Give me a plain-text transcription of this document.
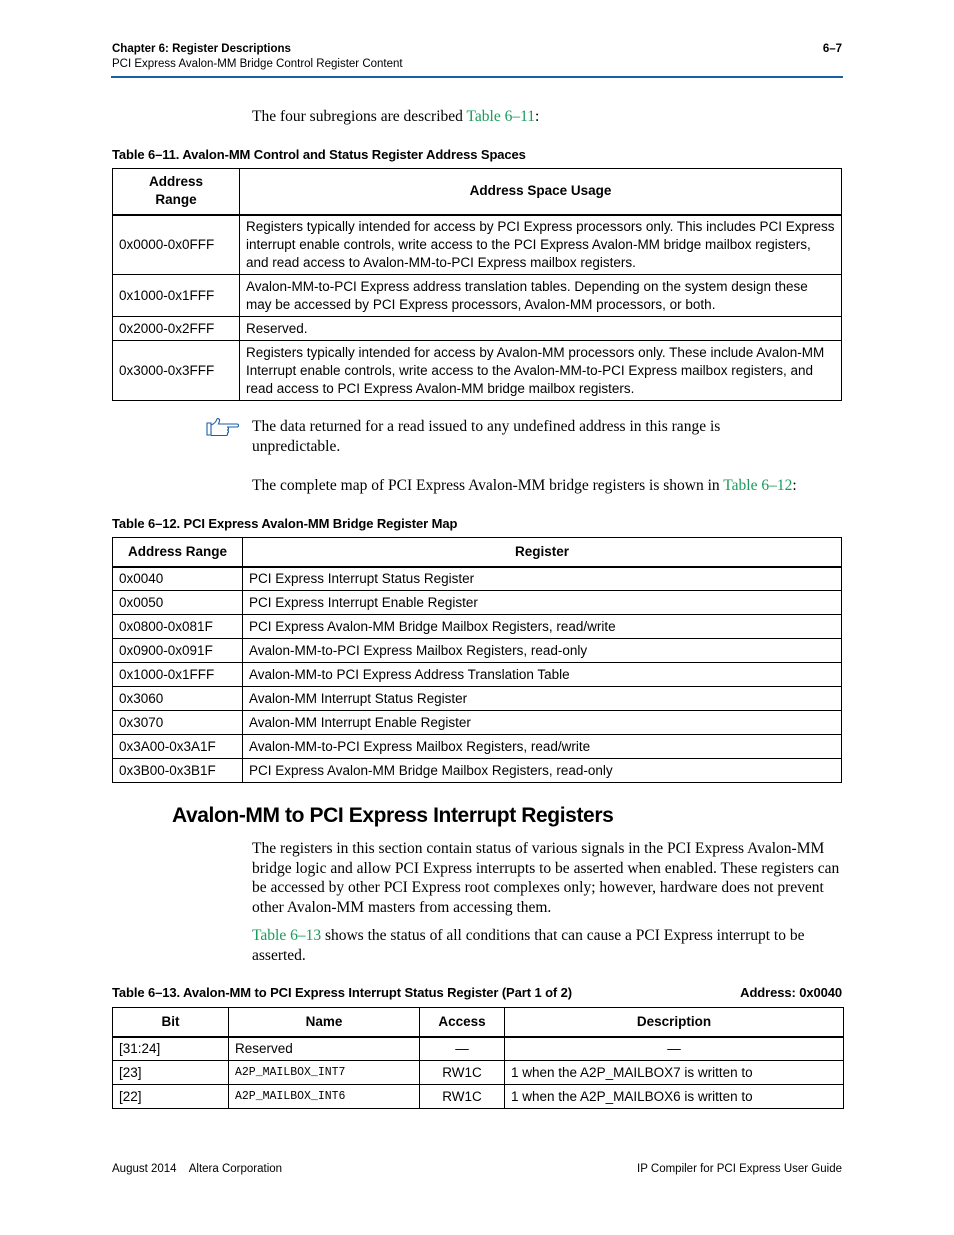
Chapter 6: Register Descriptions	6–7
PCI Express Avalon-MM Bridge Control Register Content
The four subregions are described Table 6–11:
Table 6–11. Avalon-MM Control and Status Register Address Spaces
Address
Range	Address Space Usage
0x0000-0x0FFF	Registers typically intended for access by PCI Express processors only. This includes PCI Express interrupt enable controls, write access to the PCI Express Avalon-MM bridge mailbox registers, and read access to Avalon-MM-to-PCI Express mailbox registers.
0x1000-0x1FFF	Avalon-MM-to-PCI Express address translation tables. Depending on the system design these may be accessed by PCI Express processors, Avalon-MM processors, or both.
0x2000-0x2FFF	Reserved.
0x3000-0x3FFF	Registers typically intended for access by Avalon-MM processors only. These include Avalon-MM Interrupt enable controls, write access to the Avalon-MM-to-PCI Express mailbox registers, and read access to PCI Express Avalon-MM bridge mailbox registers.
The data returned for a read issued to any undefined address in this range is unpredictable.
The complete map of PCI Express Avalon-MM bridge registers is shown in Table 6–12:
Table 6–12. PCI Express Avalon-MM Bridge Register Map
Address Range	Register
0x0040	PCI Express Interrupt Status Register
0x0050	PCI Express Interrupt Enable Register
0x0800-0x081F	PCI Express Avalon-MM Bridge Mailbox Registers, read/write
0x0900-0x091F	Avalon-MM-to-PCI Express Mailbox Registers, read-only
0x1000-0x1FFF	Avalon-MM-to PCI Express Address Translation Table
0x3060	Avalon-MM Interrupt Status Register
0x3070	Avalon-MM Interrupt Enable Register
0x3A00-0x3A1F	Avalon-MM-to-PCI Express Mailbox Registers, read/write
0x3B00-0x3B1F	PCI Express Avalon-MM Bridge Mailbox Registers, read-only
Avalon-MM to PCI Express Interrupt Registers
The registers in this section contain status of various signals in the PCI Express Avalon-MM bridge logic and allow PCI Express interrupts to be asserted when enabled. These registers can be accessed by other PCI Express root complexes only; however, hardware does not prevent other Avalon-MM masters from accessing them.
Table 6–13 shows the status of all conditions that can cause a PCI Express interrupt to be asserted.
Table 6–13. Avalon-MM to PCI Express Interrupt Status Register (Part 1 of 2)	Address: 0x0040
Bit	Name	Access	Description
[31:24]	Reserved	—	—
[23]	A2P_MAILBOX_INT7	RW1C	1 when the A2P_MAILBOX7 is written to
[22]	A2P_MAILBOX_INT6	RW1C	1 when the A2P_MAILBOX6 is written to
August 2014    Altera Corporation	IP Compiler for PCI Express User Guide
